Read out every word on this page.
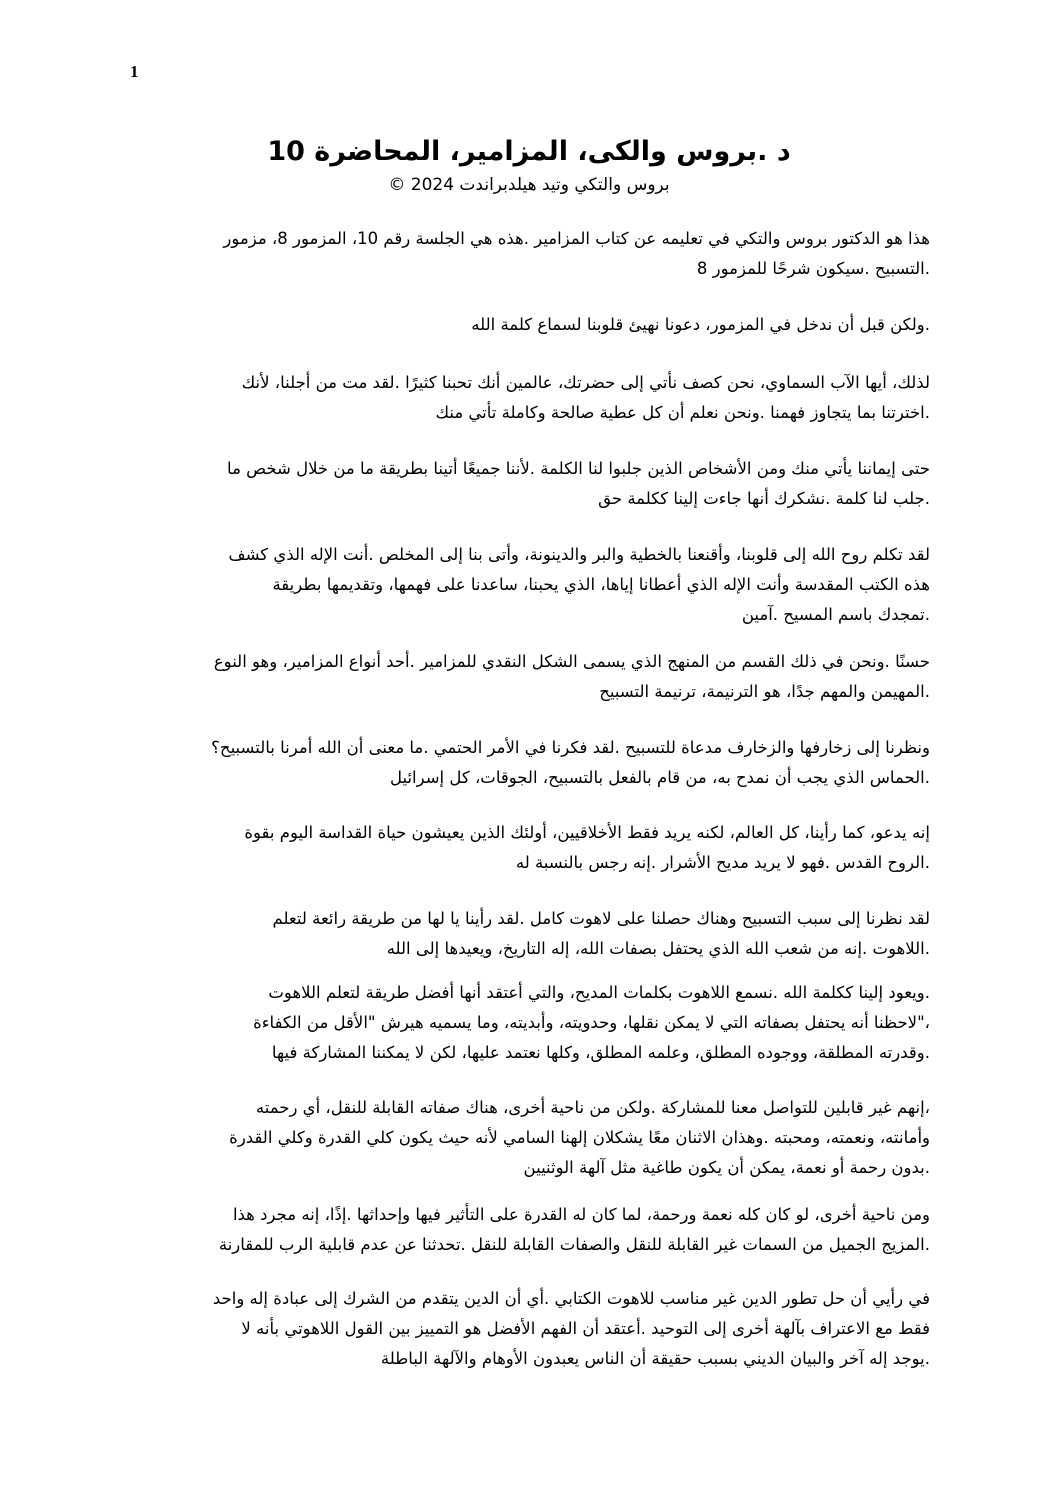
1
د .بروس والكى، المزامير، المحاضرة 10
بروس والتكي وتيد هيلدبراندت 2024 ©
هذا هو الدكتور بروس والتكي في تعليمه عن كتاب المزامير .هذه هي الجلسة رقم 10، المزمور 8، مزمور
.التسبيح .سيكون شرحًا للمزمور 8
.ولكن قبل أن ندخل في المزمور، دعونا نهيئ قلوبنا لسماع كلمة الله
لذلك، أيها الآب السماوي، نحن كصف نأتي إلى حضرتك، عالمين أنك تحبنا كثيرًا .لقد مت من أجلنا، لأنك
.اخترتنا بما يتجاوز فهمنا .ونحن نعلم أن كل عطية صالحة وكاملة تأتي منك
حتى إيماننا يأتي منك ومن الأشخاص الذين جلبوا لنا الكلمة .لأننا جميعًا أتينا بطريقة ما من خلال شخص ما
.جلب لنا كلمة .نشكرك أنها جاءت إلينا ككلمة حق
لقد تكلم روح الله إلى قلوبنا، وأقنعنا بالخطية والبر والدينونة، وأتى بنا إلى المخلص .أنت الإله الذي كشف
هذه الكتب المقدسة وأنت الإله الذي أعطانا إياها، الذي يحبنا، ساعدنا على فهمها، وتقديمها بطريقة
.تمجدك باسم المسيح .آمين
حسنًا .ونحن في ذلك القسم من المنهج الذي يسمى الشكل النقدي للمزامير .أحد أنواع المزامير، وهو النوع
.المهيمن والمهم جدًا، هو الترنيمة، ترنيمة التسبيح
ونظرنا إلى زخارفها والزخارف مدعاة للتسبيح .لقد فكرنا في الأمر الحتمي .ما معنى أن الله أمرنا بالتسبيح؟
.الحماس الذي يجب أن نمدح به، من قام بالفعل بالتسبيح، الجوقات، كل إسرائيل
إنه يدعو، كما رأينا، كل العالم، لكنه يريد فقط الأخلاقيين، أولئك الذين يعيشون حياة القداسة اليوم بقوة
.الروح القدس .فهو لا يريد مديح الأشرار .إنه رجس بالنسبة له
لقد نظرنا إلى سبب التسبيح وهناك حصلنا على لاهوت كامل .لقد رأينا يا لها من طريقة رائعة لتعلم
.اللاهوت .إنه من شعب الله الذي يحتفل بصفات الله، إله التاريخ، ويعيدها إلى الله
.ويعود إلينا ككلمة الله .نسمع اللاهوت بكلمات المديح، والتي أعتقد أنها أفضل طريقة لتعلم اللاهوت
،"لاحظنا أنه يحتفل بصفاته التي لا يمكن نقلها، وحدويته، وأبديته، وما يسميه هيرش "الأقل من الكفاءة
.وقدرته المطلقة، ووجوده المطلق، وعلمه المطلق، وكلها نعتمد عليها، لكن لا يمكننا المشاركة فيها
،إنهم غير قابلين للتواصل معنا للمشاركة .ولكن من ناحية أخرى، هناك صفاته القابلة للنقل، أي رحمته
وأمانته، ونعمته، ومحبته .وهذان الاثنان معًا يشكلان إلهنا السامي لأنه حيث يكون كلي القدرة وكلي القدرة
.بدون رحمة أو نعمة، يمكن أن يكون طاغية مثل آلهة الوثنيين
ومن ناحية أخرى، لو كان كله نعمة ورحمة، لما كان له القدرة على التأثير فيها وإحداثها .إذًا، إنه مجرد هذا
.المزيج الجميل من السمات غير القابلة للنقل والصفات القابلة للنقل .تحدثنا عن عدم قابلية الرب للمقارنة
في رأيي أن حل تطور الدين غير مناسب للاهوت الكتابي .أي أن الدين يتقدم من الشرك إلى عبادة إله واحد
فقط مع الاعتراف بآلهة أخرى إلى التوحيد .أعتقد أن الفهم الأفضل هو التمييز بين القول اللاهوتي بأنه لا
.يوجد إله آخر والبيان الديني بسبب حقيقة أن الناس يعبدون الأوهام والآلهة الباطلة
